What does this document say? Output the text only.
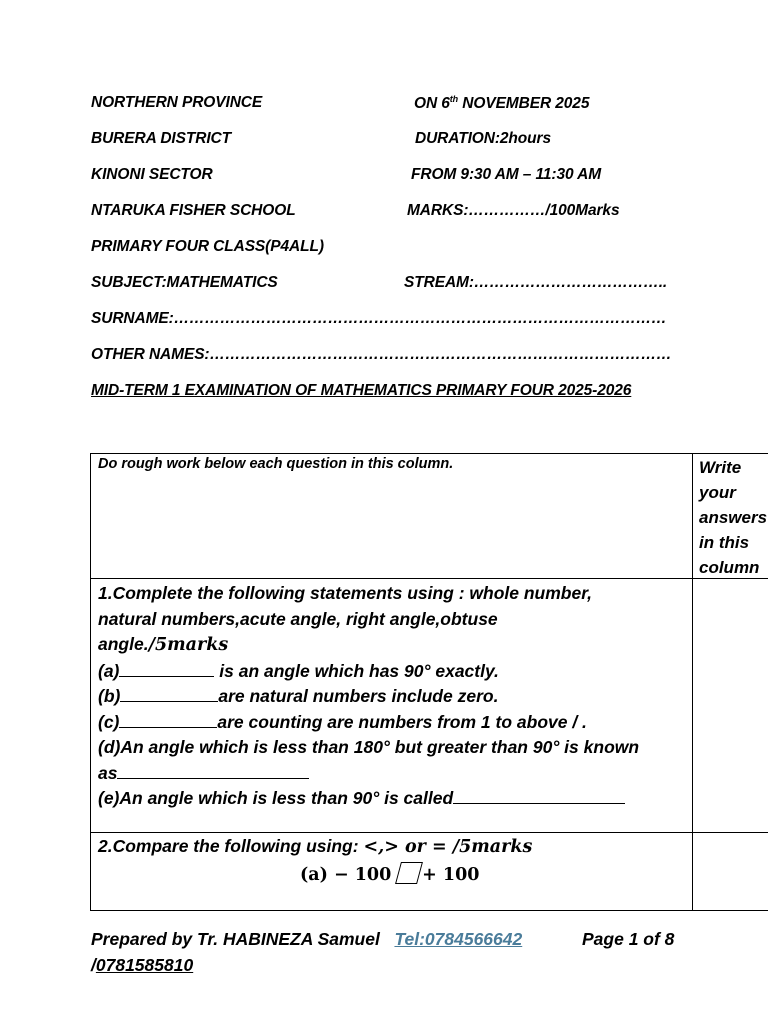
NORTHERN PROVINCE
BURERA DISTRICT
KINONI SECTOR
NTARUKA FISHER SCHOOL
PRIMARY FOUR CLASS(P4ALL)
SUBJECT:MATHEMATICS
SURNAME:……………………………………………………………………………………
OTHER NAMES:………………………………………………………………………………
ON 6th NOVEMBER 2025
DURATION:2hours
FROM 9:30 AM – 11:30 AM
MARKS:……………/100Marks
STREAM:………………………………..
MID-TERM 1 EXAMINATION OF MATHEMATICS PRIMARY FOUR 2025-2026
Do rough work below each question in this column.	Write
your
answers
in this
column
1.Complete the following statements using : whole number,
natural numbers,acute angle, right angle,obtuse
angle./5marks
(a)	is an angle which has 90° exactly.
(b)	are natural numbers include zero.
(c)	are counting are numbers from 1 to above / .
(d)An angle which is less than 180° but greater than 90° is known
as
(e)An angle which is less than 90° is called
2.Compare the following using: <,> or = /5marks
(a) − 100 + 100
Prepared by Tr. HABINEZA Samuel Tel:0784566642	Page 1 of 8
/0781585810
